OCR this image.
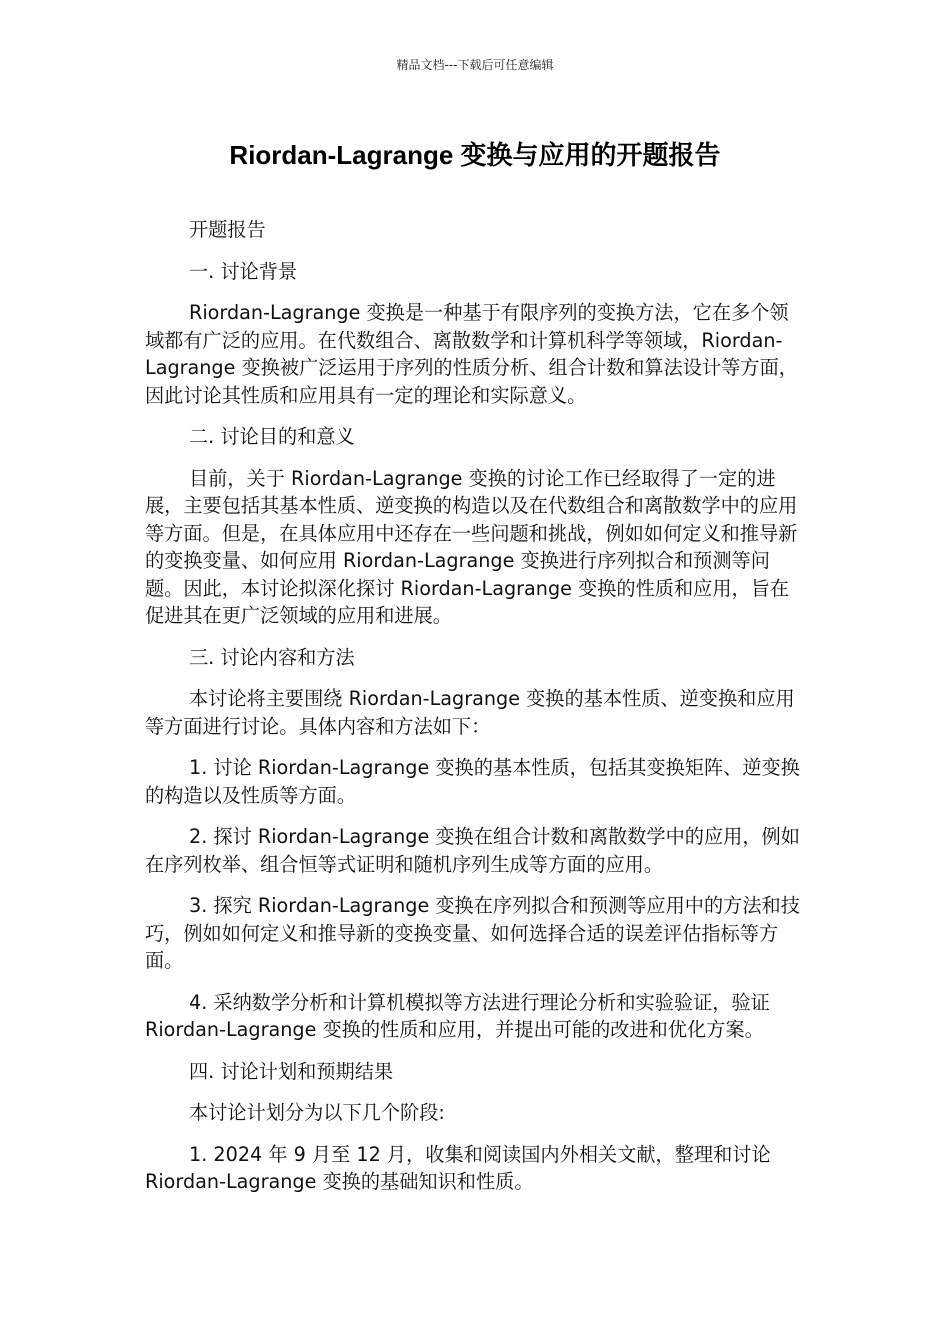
精品文档---下载后可任意编辑
Riordan-Lagrange 变换与应用的开题报告

开题报告

一. 讨论背景

Riordan-Lagrange 变换是一种基于有限序列的变换方法，它在多个领域都有广泛的应用。在代数组合、离散数学和计算机科学等领域，Riordan-Lagrange 变换被广泛运用于序列的性质分析、组合计数和算法设计等方面，因此讨论其性质和应用具有一定的理论和实际意义。

二. 讨论目的和意义

目前，关于 Riordan-Lagrange 变换的讨论工作已经取得了一定的进展，主要包括其基本性质、逆变换的构造以及在代数组合和离散数学中的应用等方面。但是，在具体应用中还存在一些问题和挑战，例如如何定义和推导新的变换变量、如何应用 Riordan-Lagrange 变换进行序列拟合和预测等问题。因此，本讨论拟深化探讨 Riordan-Lagrange 变换的性质和应用，旨在促进其在更广泛领域的应用和进展。

三. 讨论内容和方法

本讨论将主要围绕 Riordan-Lagrange 变换的基本性质、逆变换和应用等方面进行讨论。具体内容和方法如下：

1. 讨论 Riordan-Lagrange 变换的基本性质，包括其变换矩阵、逆变换的构造以及性质等方面。

2. 探讨 Riordan-Lagrange 变换在组合计数和离散数学中的应用，例如在序列枚举、组合恒等式证明和随机序列生成等方面的应用。

3. 探究 Riordan-Lagrange 变换在序列拟合和预测等应用中的方法和技巧，例如如何定义和推导新的变换变量、如何选择合适的误差评估指标等方面。

4. 采纳数学分析和计算机模拟等方法进行理论分析和实验验证，验证 Riordan-Lagrange 变换的性质和应用，并提出可能的改进和优化方案。

四. 讨论计划和预期结果

本讨论计划分为以下几个阶段:

1. 2024 年 9 月至 12 月，收集和阅读国内外相关文献，整理和讨论 Riordan-Lagrange 变换的基础知识和性质。
